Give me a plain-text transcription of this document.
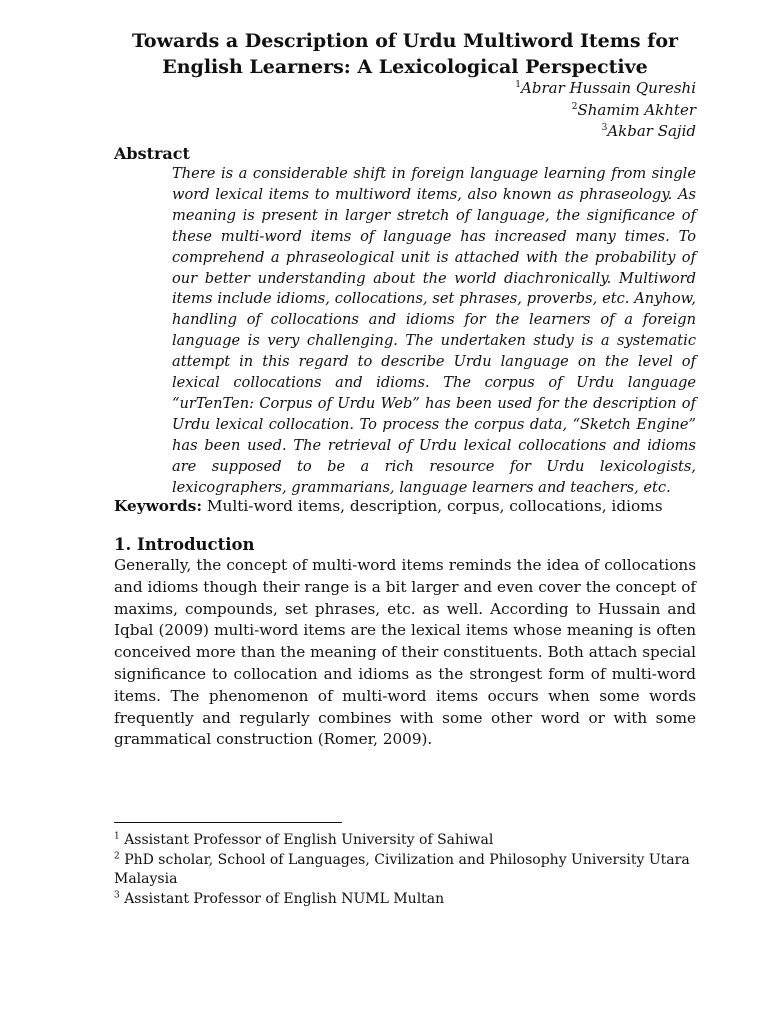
Towards a Description of Urdu Multiword Items for English Learners: A Lexicological Perspective
$^1$Abrar Hussain Qureshi
$^2$Shamim Akhter
$^3$Akbar Sajid
Abstract
There is a considerable shift in foreign language learning from single word lexical items to multiword items, also known as phraseology. As meaning is present in larger stretch of language, the significance of these multi-word items of language has increased many times. To comprehend a phraseological unit is attached with the probability of our better understanding about the world diachronically. Multiword items include idioms, collocations, set phrases, proverbs, etc. Anyhow, handling of collocations and idioms for the learners of a foreign language is very challenging. The undertaken study is a systematic attempt in this regard to describe Urdu language on the level of lexical collocations and idioms. The corpus of Urdu language “urTenTen: Corpus of Urdu Web” has been used for the description of Urdu lexical collocation. To process the corpus data, “Sketch Engine” has been used. The retrieval of Urdu lexical collocations and idioms are supposed to be a rich resource for Urdu lexicologists, lexicographers, grammarians, language learners and teachers, etc.
Keywords: Multi-word items, description, corpus, collocations, idioms
1. Introduction
Generally, the concept of multi-word items reminds the idea of collocations and idioms though their range is a bit larger and even cover the concept of maxims, compounds, set phrases, etc. as well. According to Hussain and Iqbal (2009) multi-word items are the lexical items whose meaning is often conceived more than the meaning of their constituents. Both attach special significance to collocation and idioms as the strongest form of multi-word items. The phenomenon of multi-word items occurs when some words frequently and regularly combines with some other word or with some grammatical construction (Romer, 2009).
$^1$ Assistant Professor of English University of Sahiwal
$^2$ PhD scholar, School of Languages, Civilization and Philosophy University Utara Malaysia
$^3$ Assistant Professor of English NUML Multan
